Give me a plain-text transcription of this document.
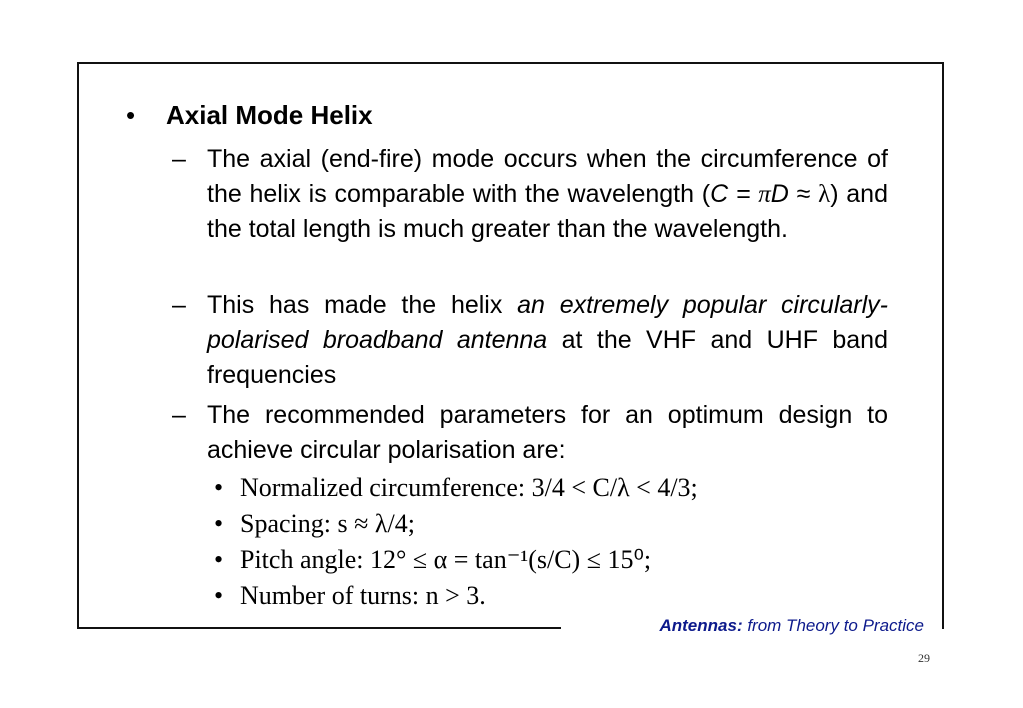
• Axial Mode Helix
– The axial (end-fire) mode occurs when the circumference of the helix is comparable with the wavelength (C = πD ≈ λ) and the total length is much greater than the wavelength.
– This has made the helix an extremely popular circularly-polarised broadband antenna at the VHF and UHF band frequencies
– The recommended parameters for an optimum design to achieve circular polarisation are:
• Normalized circumference: 3/4 < C/λ < 4/3;
• Spacing: s ≈ λ/4;
• Pitch angle: 12° ≤ α = tan⁻¹(s/C) ≤ 15⁰;
• Number of turns: n > 3.
Antennas: from Theory to Practice
29
